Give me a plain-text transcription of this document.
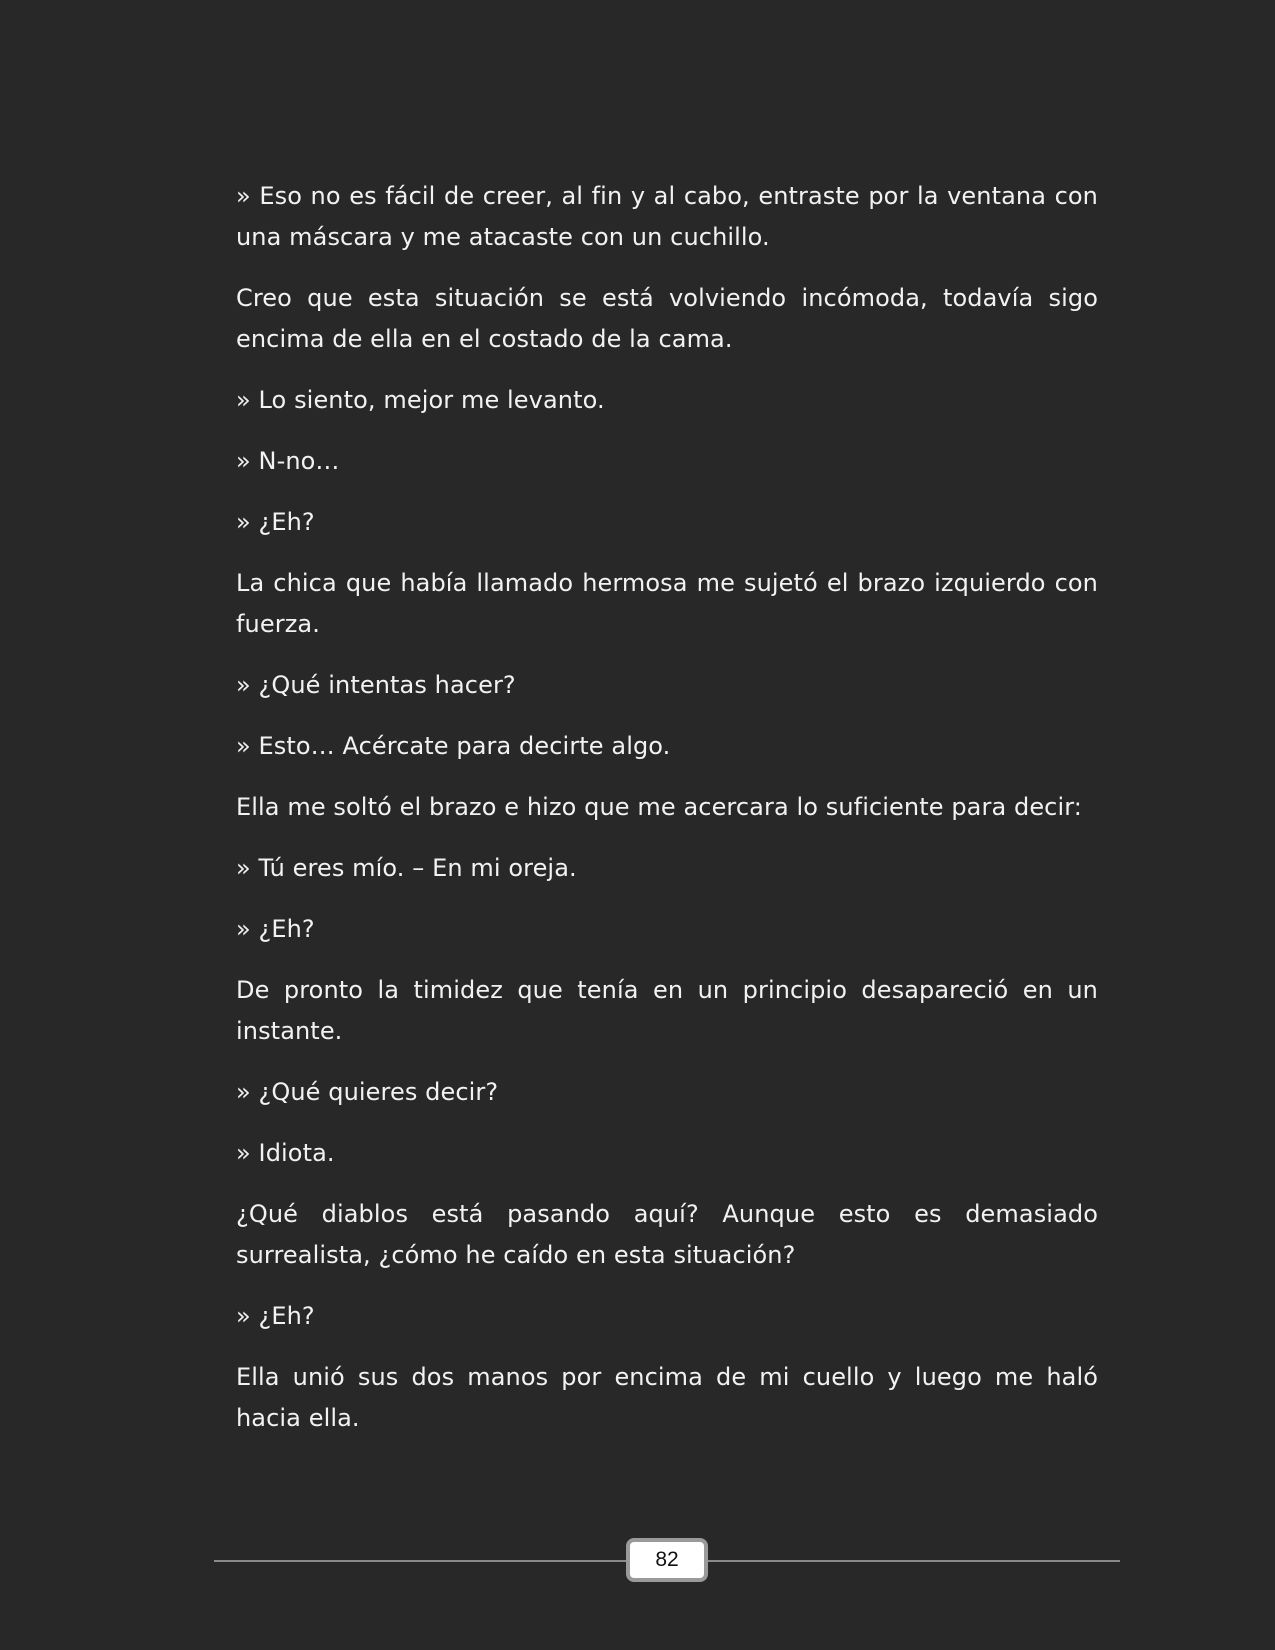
» Eso no es fácil de creer, al fin y al cabo, entraste por la ventana con una máscara y me atacaste con un cuchillo.

Creo que esta situación se está volviendo incómoda, todavía sigo encima de ella en el costado de la cama.

» Lo siento, mejor me levanto.

» N-no…

» ¿Eh?

La chica que había llamado hermosa me sujetó el brazo izquierdo con fuerza.

» ¿Qué intentas hacer?

» Esto… Acércate para decirte algo.

Ella me soltó el brazo e hizo que me acercara lo suficiente para decir:

» Tú eres mío. – En mi oreja.

» ¿Eh?

De pronto la timidez que tenía en un principio desapareció en un instante.

» ¿Qué quieres decir?

» Idiota.

¿Qué diablos está pasando aquí? Aunque esto es demasiado surrealista, ¿cómo he caído en esta situación?

» ¿Eh?

Ella unió sus dos manos por encima de mi cuello y luego me haló hacia ella.

82
